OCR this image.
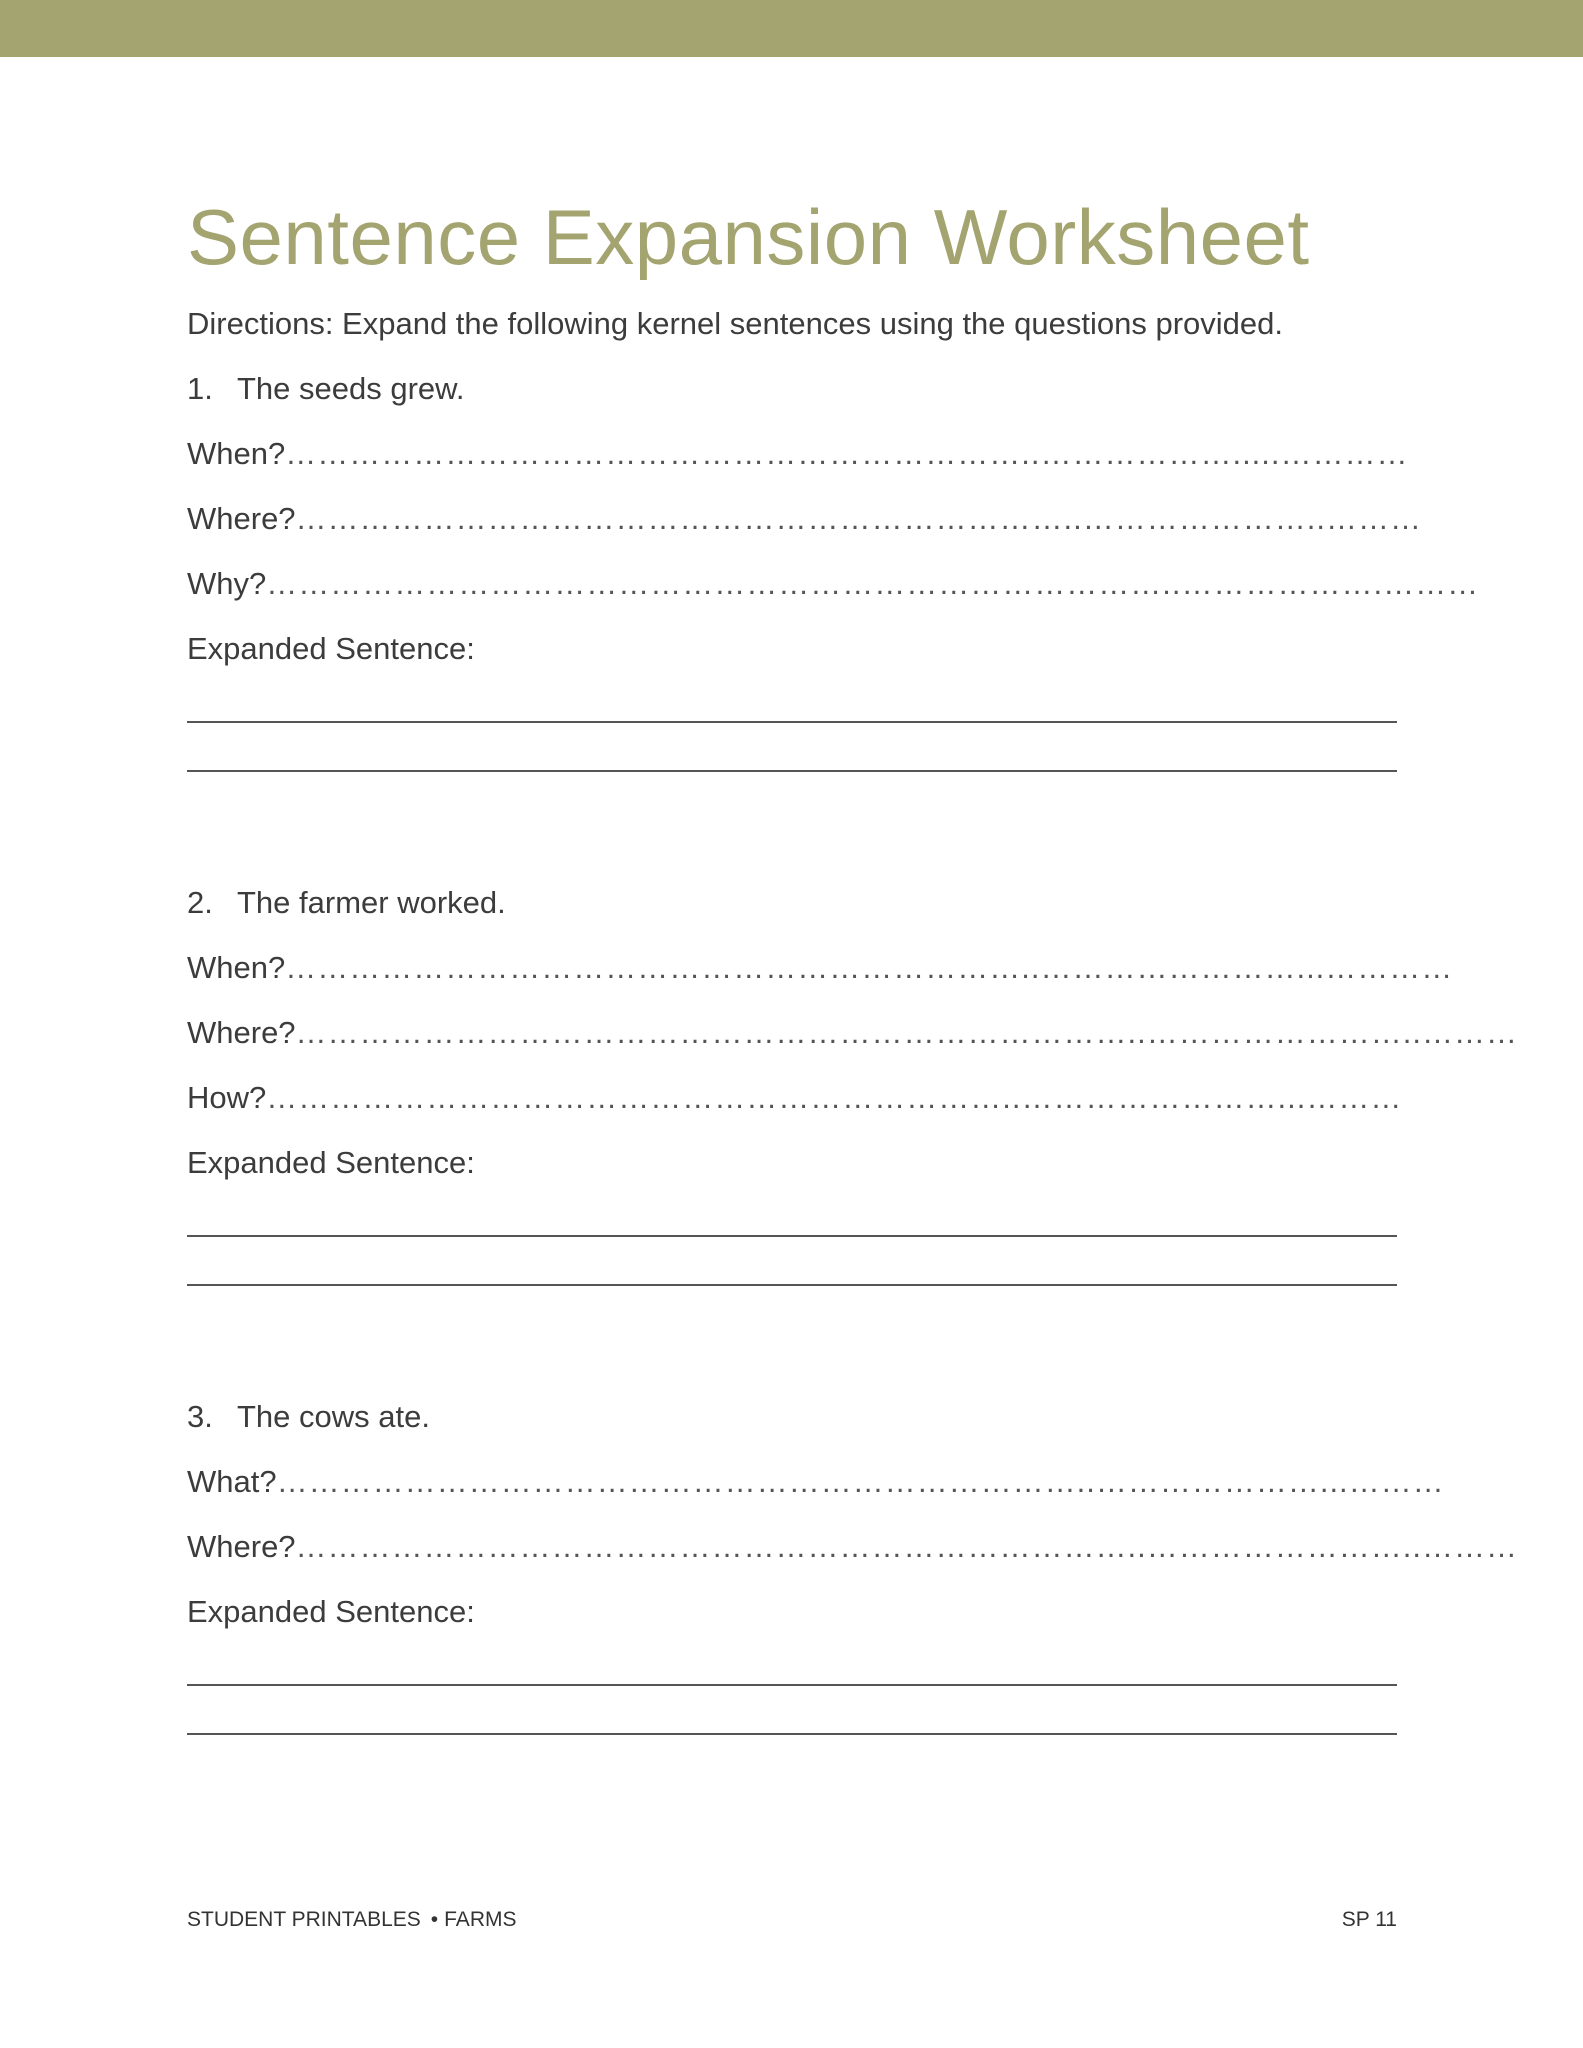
Sentence Expansion Worksheet
Directions: Expand the following kernel sentences using the questions provided.
1. The seeds grew.
When? ……………………………………………………………..……………….....…………
Where? ………………………………………………………………..…………………..………
Why? …………………………………………………………………………..……………….………
Expanded Sentence:
2. The farmer worked.
When? ……………………………………………………………..……………………...…………
Where? ……………………………………………………………………..……………………..………
How? ……………………………………………………………..……………………...………
Expanded Sentence:
3. The cows ate.
What? …………………………………………………………………..…………………...………
Where? ……………………………………………………………………..……………………..………
Expanded Sentence:
STUDENT PRINTABLES • FARMS	SP 11
